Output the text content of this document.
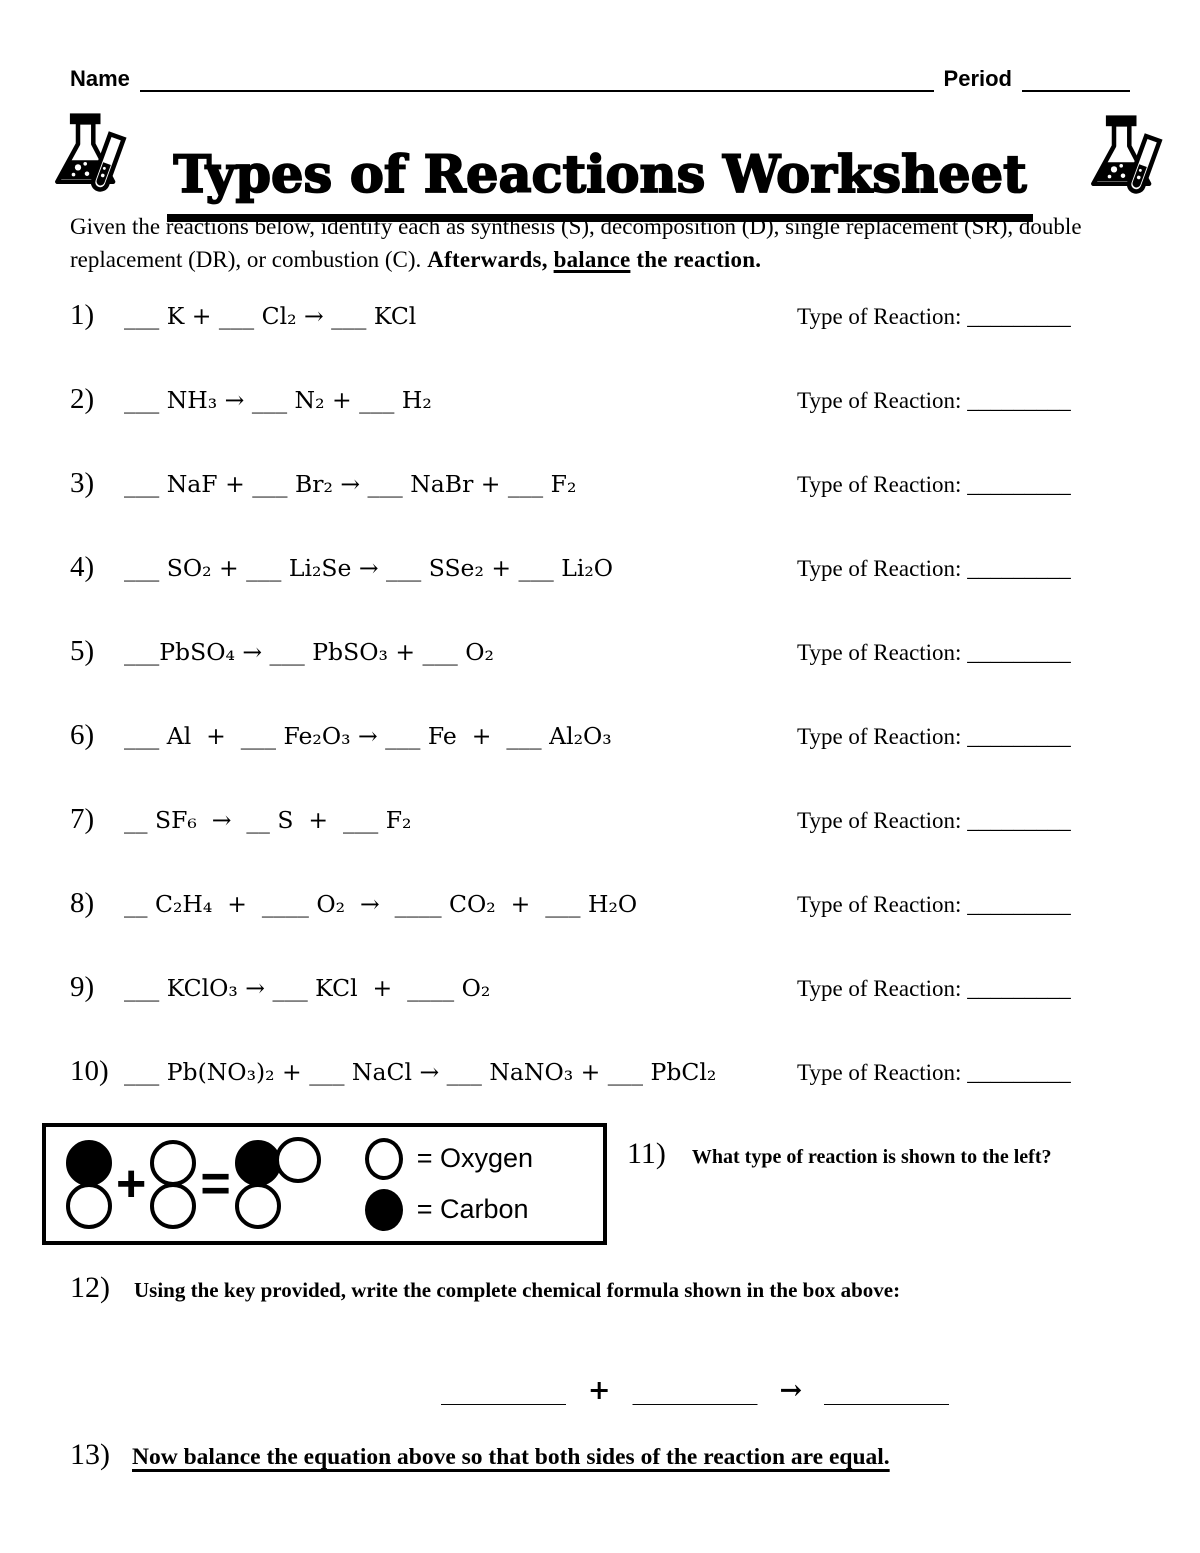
Name	Period
Types of Reactions Worksheet

Given the reactions below, identify each as synthesis (S), decomposition (D), single replacement (SR), double replacement (DR), or combustion (C). Afterwards, balance the reaction.

1)	___ K + ___ Cl₂ → ___ KCl	Type of Reaction: _________
2)	___ NH₃ → ___ N₂ + ___ H₂	Type of Reaction: _________
3)	___ NaF + ___ Br₂ → ___ NaBr + ___ F₂	Type of Reaction: _________
4)	___ SO₂ + ___ Li₂Se → ___ SSe₂ + ___ Li₂O	Type of Reaction: _________
5)	___PbSO₄ → ___ PbSO₃ + ___ O₂	Type of Reaction: _________
6)	___ Al  +  ___ Fe₂O₃ → ___ Fe  +  ___ Al₂O₃	Type of Reaction: _________
7)	__ SF₆  →  __ S  +  ___ F₂	Type of Reaction: _________
8)	__ C₂H₄  +  ____ O₂  →  ____ CO₂  +  ___ H₂O	Type of Reaction: _________
9)	___ KClO₃ → ___ KCl  +  ____ O₂	Type of Reaction: _________
10) ___ Pb(NO₃)₂ + ___ NaCl → ___ NaNO₃ + ___ PbCl₂	Type of Reaction: _________
+ =	= Oxygen
= Carbon
11) What type of reaction is shown to the left?
12) Using the key provided, write the complete chemical formula shown in the box above:
__________ + __________ → __________
13) Now balance the equation above so that both sides of the reaction are equal.
